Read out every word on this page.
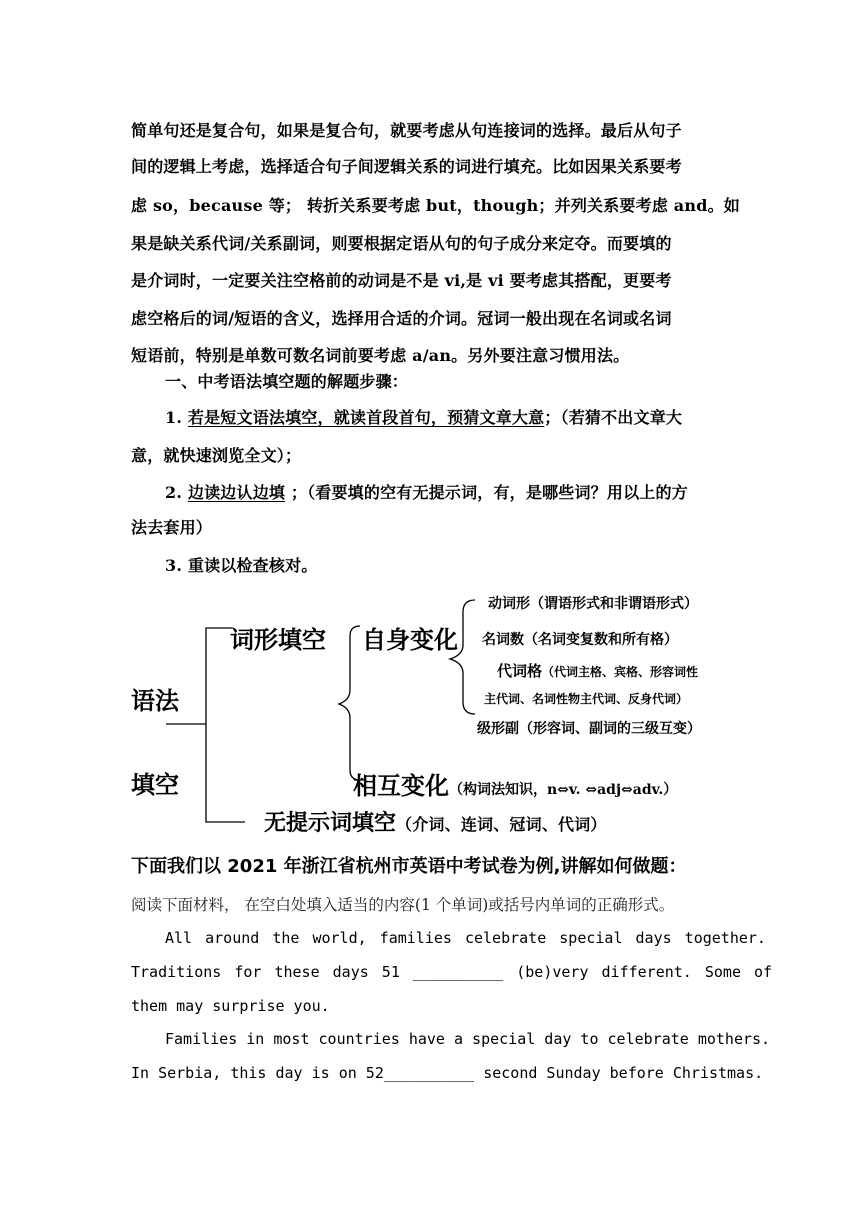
简单句还是复合句，如果是复合句，就要考虑从句连接词的选择。最后从句子
间的逻辑上考虑，选择适合句子间逻辑关系的词进行填充。比如因果关系要考
虑 so，because 等； 转折关系要考虑 but，though；并列关系要考虑 and。如
果是缺关系代词/关系副词，则要根据定语从句的句子成分来定夺。而要填的
是介词时，一定要关注空格前的动词是不是 vi,是 vi 要考虑其搭配，更要考
虑空格后的词/短语的含义，选择用合适的介词。冠词一般出现在名词或名词
短语前，特别是单数可数名词前要考虑 a/an。另外要注意习惯用法。
一、中考语法填空题的解题步骤：
1. 若是短文语法填空，就读首段首句，预猜文章大意；（若猜不出文章大
意，就快速浏览全文）；
2. 边读边认边填 ；（看要填的空有无提示词，有，是哪些词？用以上的方
法去套用）
3. 重读以检查核对。
语法
填空
词形填空 自身变化
动词形（谓语形式和非谓语形式）
名词数（名词变复数和所有格）
代词格（代词主格、宾格、形容词性
主代词、名词性物主代词、反身代词）
级形副（形容词、副词的三级互变）
相互变化（构词法知识，n⇔v. ⇔adj⇔adv.）
无提示词填空（介词、连词、冠词、代词）
下面我们以 2021 年浙江省杭州市英语中考试卷为例,讲解如何做题：
阅读下面材料， 在空白处填入适当的内容(1 个单词)或括号内单词的正确形式。
All around the world, families celebrate special days together.
Traditions for these days 51 __________ (be)very different. Some of
them may surprise you.
Families in most countries have a special day to celebrate mothers.
In Serbia, this day is on 52__________ second Sunday before Christmas.
